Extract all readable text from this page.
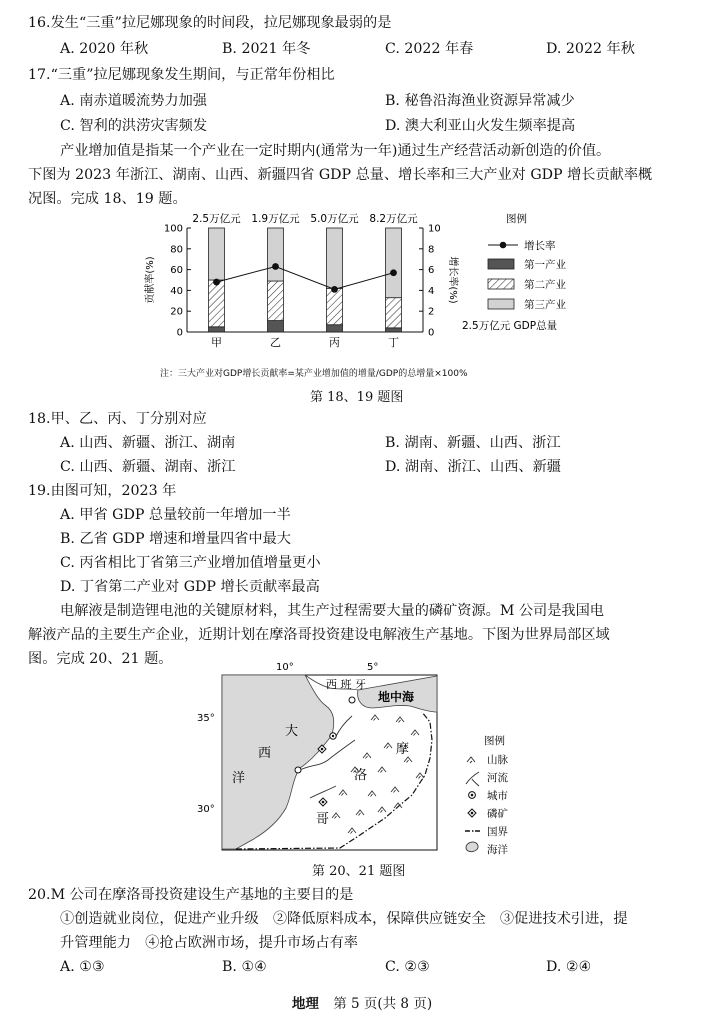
16.发生“三重”拉尼娜现象的时间段，拉尼娜现象最弱的是
A. 2020 年秋	B. 2021 年冬	C. 2022 年春	D. 2022 年秋
17.“三重”拉尼娜现象发生期间，与正常年份相比
A. 南赤道暖流势力加强	B. 秘鲁沿海渔业资源异常减少
C. 智利的洪涝灾害频发	D. 澳大利亚山火发生频率提高
产业增加值是指某一个产业在一定时期内(通常为一年)通过生产经营活动新创造的价值。
下图为 2023 年浙江、湖南、山西、新疆四省 GDP 总量、增长率和三大产业对 GDP 增长贡献率概
况图。完成 18、19 题。
0
20
40
60
80
100
0
2
4
6
8
10
贡献率(%)	增长率(%)
甲
2.5万亿元
乙
1.9万亿元
丙
5.0万亿元
丁
8.2万亿元	图例
增长率
第一产业
第二产业
第三产业
2.5万亿元 GDP总量
注：三大产业对GDP增长贡献率=某产业增加值的增量/GDP的总增量×100%
第 18、19 题图
18.甲、乙、丙、丁分别对应
A. 山西、新疆、浙江、湖南	B. 湖南、新疆、山西、浙江
C. 山西、新疆、湖南、浙江	D. 湖南、浙江、山西、新疆
19.由图可知，2023 年
A. 甲省 GDP 总量较前一年增加一半
B. 乙省 GDP 增速和增量四省中最大
C. 丙省相比丁省第三产业增加值增量更小
D. 丁省第二产业对 GDP 增长贡献率最高
电解液是制造锂电池的关键原材料，其生产过程需要大量的磷矿资源。M 公司是我国电
解液产品的主要生产企业，近期计划在摩洛哥投资建设电解液生产基地。下图为世界局部区域
图。完成 20、21 题。
10°	5°
35°
30°
西 班 牙
地中海
大
西
洋
摩
洛
哥
图例
山脉
河流
城市
磷矿
国界
海洋
第 20、21 题图
20.M 公司在摩洛哥投资建设生产基地的主要目的是
①创造就业岗位，促进产业升级　②降低原料成本，保障供应链安全　③促进技术引进，提
升管理能力　④抢占欧洲市场，提升市场占有率
A. ①③	B. ①④	C. ②③	D. ②④
地理 第 5 页(共 8 页)
